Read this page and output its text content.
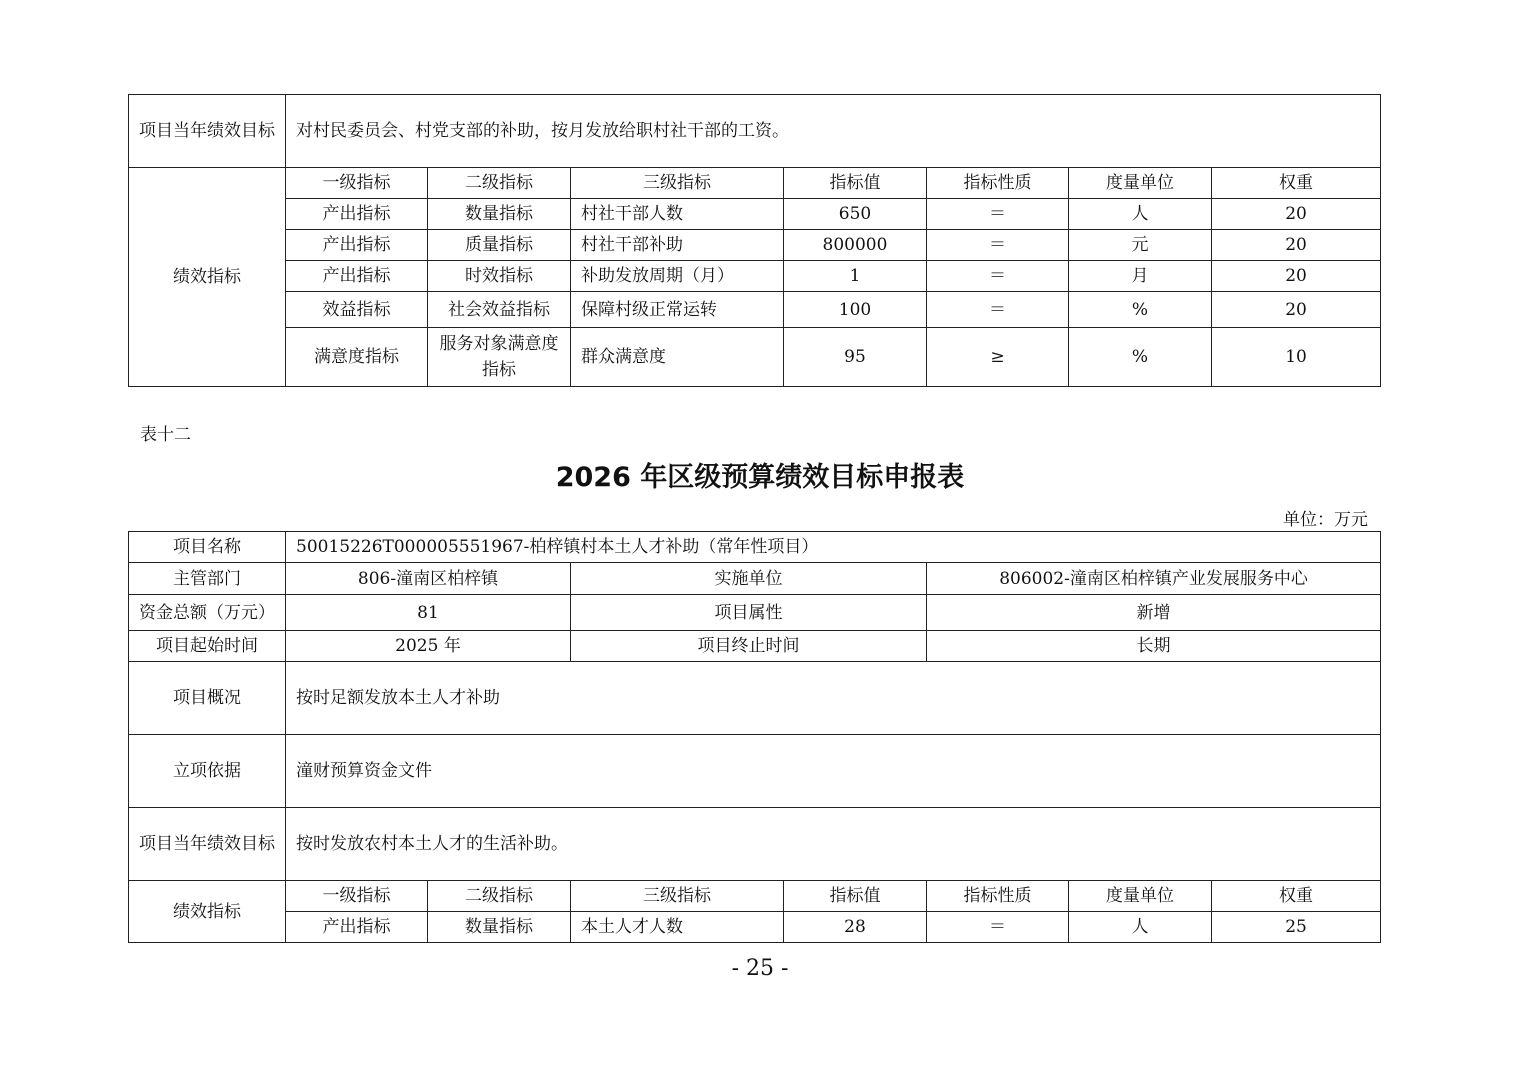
项目当年绩效目标	对村民委员会、村党支部的补助，按月发放给职村社干部的工资。						
绩效指标	一级指标	二级指标	三级指标	指标值	指标性质	度量单位	权重
	产出指标	数量指标	村社干部人数	650	＝	人	20
	产出指标	质量指标	村社干部补助	800000	＝	元	20
	产出指标	时效指标	补助发放周期（月）	1	＝	月	20
	效益指标	社会效益指标	保障村级正常运转	100	＝	%	20
	满意度指标	服务对象满意度指标	群众满意度	95	≥	%	10
表十二
2026 年区级预算绩效目标申报表
单位：万元
项目名称	50015226T000005551967-柏梓镇村本土人才补助（常年性项目）						
主管部门	806-潼南区柏梓镇		实施单位		806002-潼南区柏梓镇产业发展服务中心		
资金总额（万元）	81		项目属性		新增		
项目起始时间	2025 年		项目终止时间		长期		
项目概况	按时足额发放本土人才补助						
立项依据	潼财预算资金文件						
项目当年绩效目标	按时发放农村本土人才的生活补助。						
绩效指标	一级指标	二级指标	三级指标	指标值	指标性质	度量单位	权重
	产出指标	数量指标	本土人才人数	28	＝	人	25
- 25 -
